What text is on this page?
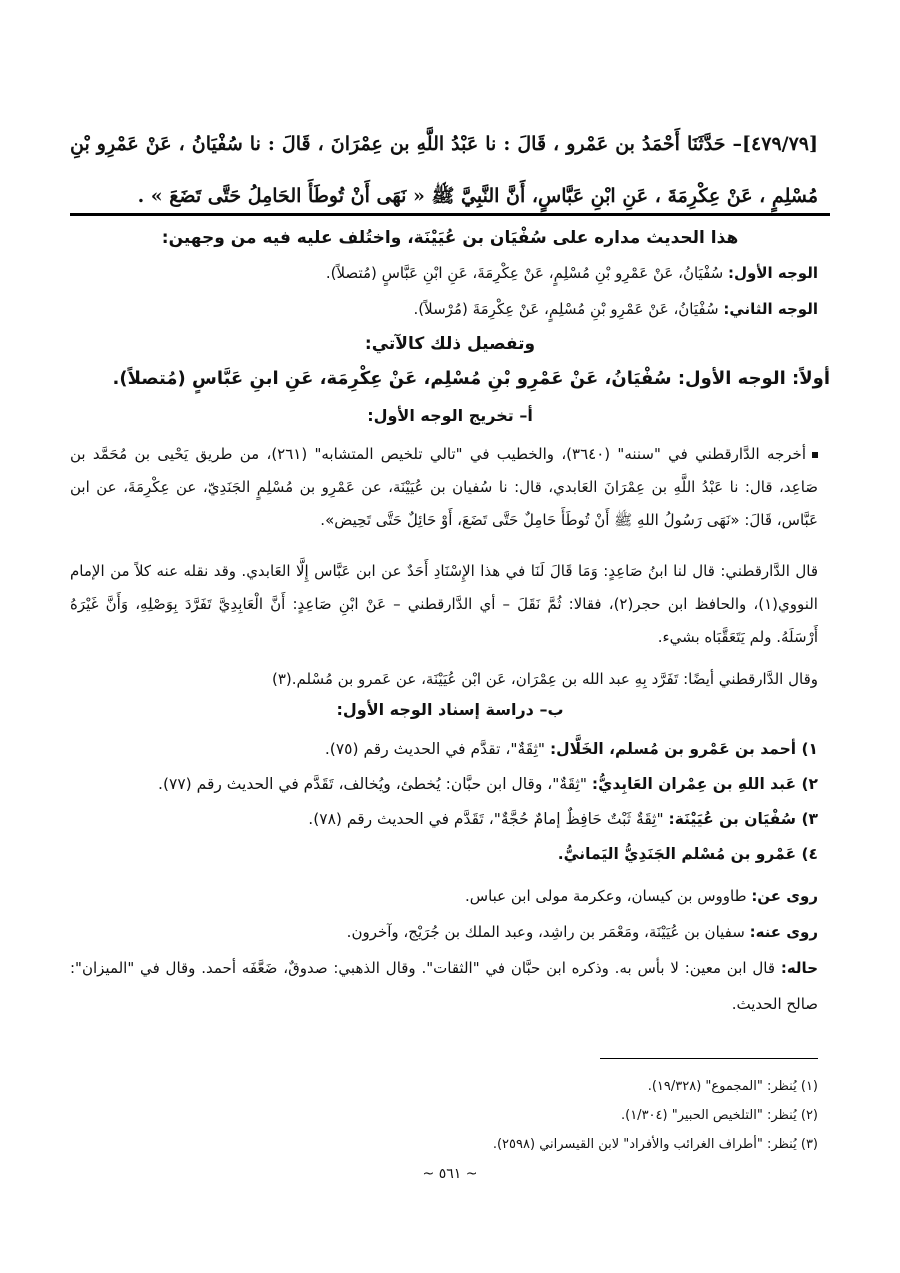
[٤٧٩/٧٩]– حَدَّثَنَا أَحْمَدُ بن عَمْرو ، قَالَ : نا عَبْدُ اللَّهِ بن عِمْرَانَ ، قَالَ : نا سُفْيَانُ ، عَنْ عَمْرِو بْنِ مُسْلِمٍ ، عَنْ عِكْرِمَةَ ، عَنِ ابْنِ عَبَّاسٍ، أَنَّ النَّبِيَّ ﷺ « نَهَى أَنْ تُوطَأَ الحَامِلُ حَتَّى تَضَعَ » .

هذا الحديث مداره على سُفْيَان بن عُيَيْنَة، واختُلف عليه فيه من وجهين:
الوجه الأول: سُفْيَانُ، عَنْ عَمْرِو بْنِ مُسْلِمٍ، عَنْ عِكْرِمَةَ، عَنِ ابْنِ عَبَّاسٍ (مُتصلاً).
الوجه الثاني: سُفْيَانُ، عَنْ عَمْرِو بْنِ مُسْلِمٍ، عَنْ عِكْرِمَةَ (مُرْسلاً).
وتفصيل ذلك كالآتي:
أولاً: الوجه الأول: سُفْيَانُ، عَنْ عَمْرِو بْنِ مُسْلِم، عَنْ عِكْرِمَة، عَنِ ابنِ عَبَّاسٍ (مُتصلاً).
أ– تخريج الوجه الأول:
أخرجه الدَّارقطني في "سننه" (٣٦٤٠)، والخطيب في "تالي تلخيص المتشابه" (٢٦١)، من طريق يَحْيى بن مُحَمَّد بن صَاعِد، قال: نا عَبْدُ اللَّهِ بن عِمْرَانَ العَابدي، قال: نا سُفيان بن عُيَيْنَة، عن عَمْرِو بن مُسْلِمٍ الجَنَدِيّ، عن عِكْرِمَةَ، عن ابن عَبَّاس، قَالَ: «نَهَى رَسُولُ اللهِ ﷺ أَنْ تُوطَأَ حَامِلٌ حَتَّى تَضَعَ، أَوْ حَائِلٌ حَتَّى تَحِيض».
قال الدَّارقطني: قال لنا ابنُ صَاعِدٍ: وَمَا قَالَ لَنَا في هذا الإِسْنَادِ أَحَدٌ عن ابن عَبَّاس إِلَّا العَابدي. وقد نقله عنه كلاً من الإمام النووي(١)، والحافظ ابن حجر(٢)، فقالا: ثُمَّ نَقَلَ – أي الدَّارقطني – عَنْ ابْنِ صَاعِدٍ: أَنَّ الْعَابِدِيَّ تَفَرَّدَ بِوَصْلِهِ، وَأَنَّ غَيْرَهُ أَرْسَلَهُ. ولم يَتَعَقَّبَاه بشيء.
وقال الدَّارقطني أيضًا: تَفَرَّد بِهِ عبد الله بن عِمْرَان، عَن ابْن عُيَيْنَة، عن عَمرو بن مُسْلم.(٣)
ب– دراسة إسناد الوجه الأول:
١) أحمد بن عَمْرو بن مُسلم، الخَلَّال: "ثِقَةٌ"، تقدَّم في الحديث رقم (٧٥).
٢) عَبد اللهِ بن عِمْران العَابِديُّ: "ثِقَةٌ"، وقال ابن حبَّان: يُخطئ، ويُخالف، تَقَدَّم في الحديث رقم (٧٧).
٣) سُفْيَان بن عُيَيْنَة: "ثِقَةٌ ثَبْتٌ حَافِظٌ إمامٌ حُجَّةٌ"، تَقَدَّم في الحديث رقم (٧٨).
٤) عَمْرو بن مُسْلم الجَنَدِيُّ اليَمانيُّ.
روى عن: طاووس بن كيسان، وعكرمة مولى ابن عباس.
روى عنه: سفيان بن عُيَيْنَة، ومَعْمَر بن راشِد، وعبد الملك بن جُرَيْج، وآخرون.
حاله: قال ابن معين: لا بأس به. وذكره ابن حبَّان في "الثقات". وقال الذهبي: صدوقٌ، ضَعَّفَه أحمد. وقال في "الميزان": صالح الحديث.
(١) يُنظر: "المجموع" (١٩/٣٢٨).
(٢) يُنظر: "التلخيص الحبير" (١/٣٠٤).
(٣) يُنظر: "أطراف الغرائب والأفراد" لابن القيسراني (٢٥٩٨).
~ ٥٦١ ~
